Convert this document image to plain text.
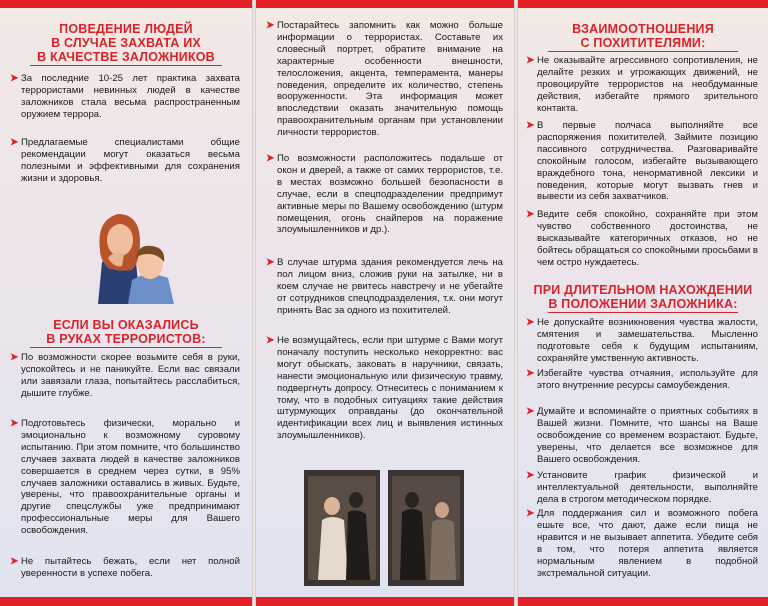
ПОВЕДЕНИЕ ЛЮДЕЙ
В СЛУЧАЕ ЗАХВАТА ИХ
В КАЧЕСТВЕ ЗАЛОЖНИКОВ
➤ За последние 10-25 лет практика захвата террористами невинных людей в качестве заложников стала весьма распространенным оружием террора.
➤ Предлагаемые специалистами общие рекомендации могут оказаться весьма полезными и эффективными для сохранения жизни и здоровья.
ЕСЛИ ВЫ ОКАЗАЛИСЬ
В РУКАХ ТЕРРОРИСТОВ:
➤ По возможности скорее возьмите себя в руки, успокойтесь и не паникуйте. Если вас связали или завязали глаза, попытайтесь расслабиться, дышите глубже.
➤ Подготовьтесь физически, морально и эмоционально к возможному суровому испытанию. При этом помните, что большинство случаев захвата людей в качестве заложников совершается в среднем через сутки, в 95% случаев заложники оставались в живых. Будьте, уверены, что правоохранительные органы и другие спецслужбы уже предпринимают профессиональные меры для Вашего освобождения.
➤ Не пытайтесь бежать, если нет полной уверенности в успехе побега.
➤ Постарайтесь запомнить как можно больше информации о террористах. Составьте их словесный портрет, обратите внимание на характерные особенности внешности, телосложения, акцента, темперамента, манеры поведения, определите их количество, степень вооруженности. Эта информация может впоследствии оказать значительную помощь правоохранительным органам при установлении личности террористов.
➤ По возможности расположитесь подальше от окон и дверей, а также от самих террористов, т.е. в местах возможно большей безопасности в случае, если в спецподразделении предпримут активные меры по Вашему освобождению (штурм помещения, огонь снайперов на поражение злоумышленников и др.).
➤ В случае штурма здания рекомендуется лечь на пол лицом вниз, сложив руки на затылке, ни в коем случае не рвитесь навстречу и не убегайте от сотрудников спецподразделения, т.к. они могут принять Вас за одного из похитителей.
➤ Не возмущайтесь, если при штурме с Вами могут поначалу поступить несколько некорректно: вас могут обыскать, заковать в наручники, связать, нанести эмоциональную или физическую травму, подвергнуть допросу. Отнеситесь с пониманием к тому, что в подобных ситуациях такие действия штурмующих оправданы (до окончательной идентификации всех лиц и выявления истинных злоумышленников).
ВЗАИМООТНОШЕНИЯ
С ПОХИТИТЕЛЯМИ:
➤ Не оказывайте агрессивного сопротивления, не делайте резких и угрожающих движений, не провоцируйте террористов на необдуманные действия, избегайте прямого зрительного контакта.
➤ В первые полчаса выполняйте все распоряжения похитителей. Займите позицию пассивного сотрудничества. Разговаривайте спокойным голосом, избегайте вызывающего враждебного тона, ненормативной лексики и поведения, которые могут вызвать гнев и вывести из себя захватчиков.
➤ Ведите себя спокойно, сохраняйте при этом чувство собственного достоинства, не высказывайте категоричных отказов, но не бойтесь обращаться со спокойными просьбами в чем остро нуждаетесь.
ПРИ ДЛИТЕЛЬНОМ НАХОЖДЕНИИ
В ПОЛОЖЕНИИ ЗАЛОЖНИКА:
➤ Не допускайте возникновения чувства жалости, смятения и замешательства. Мысленно подготовьте себя к будущим испытаниям, сохраняйте умственную активность.
➤ Избегайте чувства отчаяния, используйте для этого внутренние ресурсы самоубеждения.
➤ Думайте и вспоминайте о приятных событиях в Вашей жизни. Помните, что шансы на Ваше освобождение со временем возрастают. Будьте, уверены, что делается все возможное для Вашего освобождения.
➤ Установите график физической и интеллектуальной деятельности, выполняйте дела в строгом методическом порядке.
➤ Для поддержания сил и возможного побега ешьте все, что дают, даже если пища не нравится и не вызывает аппетита. Убедите себя в том, что потеря аппетита является нормальным явлением в подобной экстремальной ситуации.
